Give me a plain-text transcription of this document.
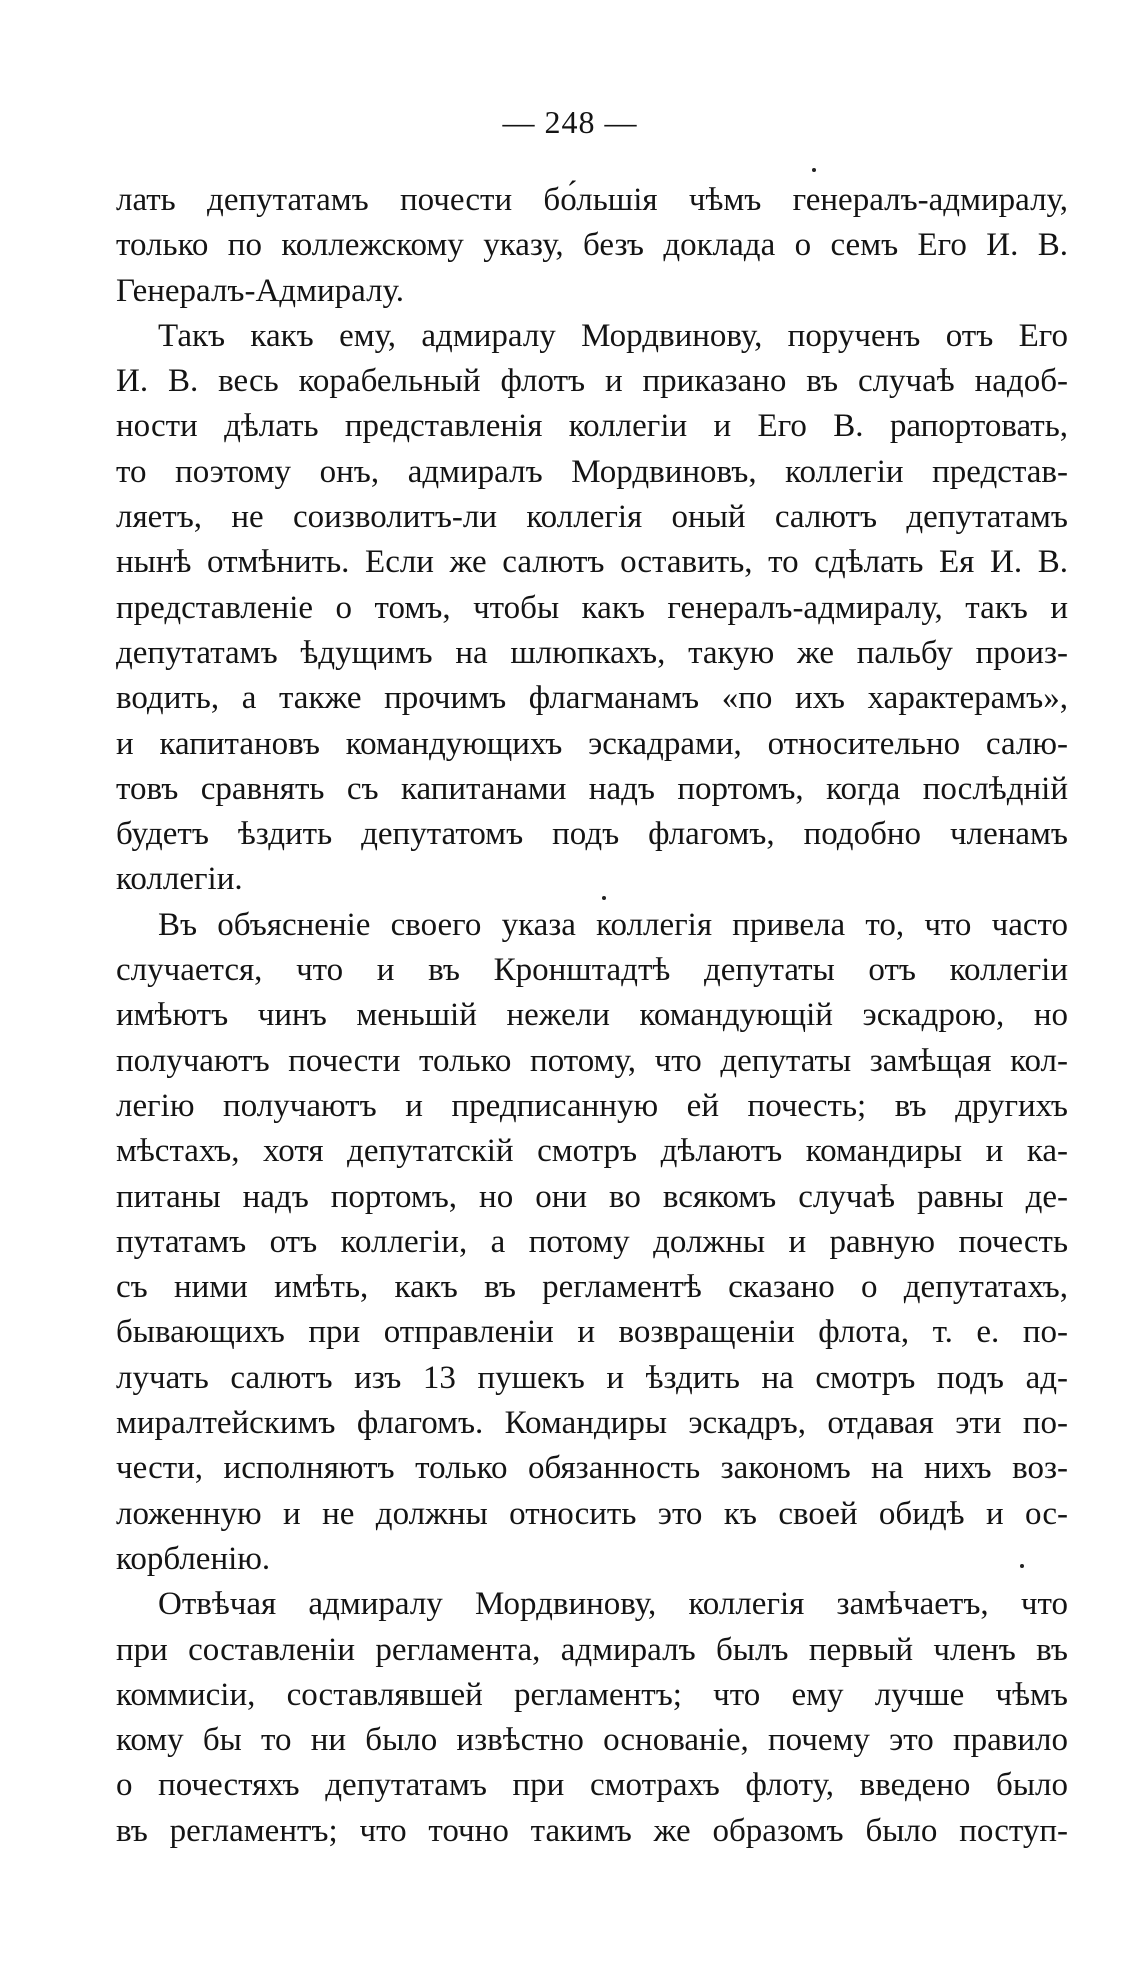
— 248 —
лать депутатамъ почести бо́льшія чѣмъ генералъ-адмиралу,
только по коллежскому указу, безъ доклада о семъ Его И. В.
Генералъ-Адмиралу.
Такъ какъ ему, адмиралу Мордвинову, порученъ отъ Его
И. В. весь корабельный флотъ и приказано въ случаѣ надоб-
ности дѣлать представленія коллегіи и Его В. рапортовать,
то поэтому онъ, адмиралъ Мордвиновъ, коллегіи представ-
ляетъ, не соизволитъ-ли коллегія оный салютъ депутатамъ
нынѣ отмѣнить. Если же салютъ оставить, то сдѣлать Ея И. В.
представленіе о томъ, чтобы какъ генералъ-адмиралу, такъ и
депутатамъ ѣдущимъ на шлюпкахъ, такую же пальбу произ-
водить, а также прочимъ флагманамъ «по ихъ характерамъ»,
и капитановъ командующихъ эскадрами, относительно салю-
товъ сравнять съ капитанами надъ портомъ, когда послѣдній
будетъ ѣздить депутатомъ подъ флагомъ, подобно членамъ
коллегіи.
Въ объясненіе своего указа коллегія привела то, что часто
случается, что и въ Кронштадтѣ депутаты отъ коллегіи
имѣютъ чинъ меньшій нежели командующій эскадрою, но
получаютъ почести только потому, что депутаты замѣщая кол-
легію получаютъ и предписанную ей почесть; въ другихъ
мѣстахъ, хотя депутатскій смотръ дѣлаютъ командиры и ка-
питаны надъ портомъ, но они во всякомъ случаѣ равны де-
путатамъ отъ коллегіи, а потому должны и равную почесть
съ ними имѣть, какъ въ регламентѣ сказано о депутатахъ,
бывающихъ при отправленіи и возвращеніи флота, т. е. по-
лучать салютъ изъ 13 пушекъ и ѣздить на смотръ подъ ад-
миралтейскимъ флагомъ. Командиры эскадръ, отдавая эти по-
чести, исполняютъ только обязанность закономъ на нихъ воз-
ложенную и не должны относить это къ своей обидѣ и ос-
корбленію.
Отвѣчая адмиралу Мордвинову, коллегія замѣчаетъ, что
при составленіи регламента, адмиралъ былъ первый членъ въ
коммисіи, составлявшей регламентъ; что ему лучше чѣмъ
кому бы то ни было извѣстно основаніе, почему это правило
о почестяхъ депутатамъ при смотрахъ флоту, введено было
въ регламентъ; что точно такимъ же образомъ было поступ-
